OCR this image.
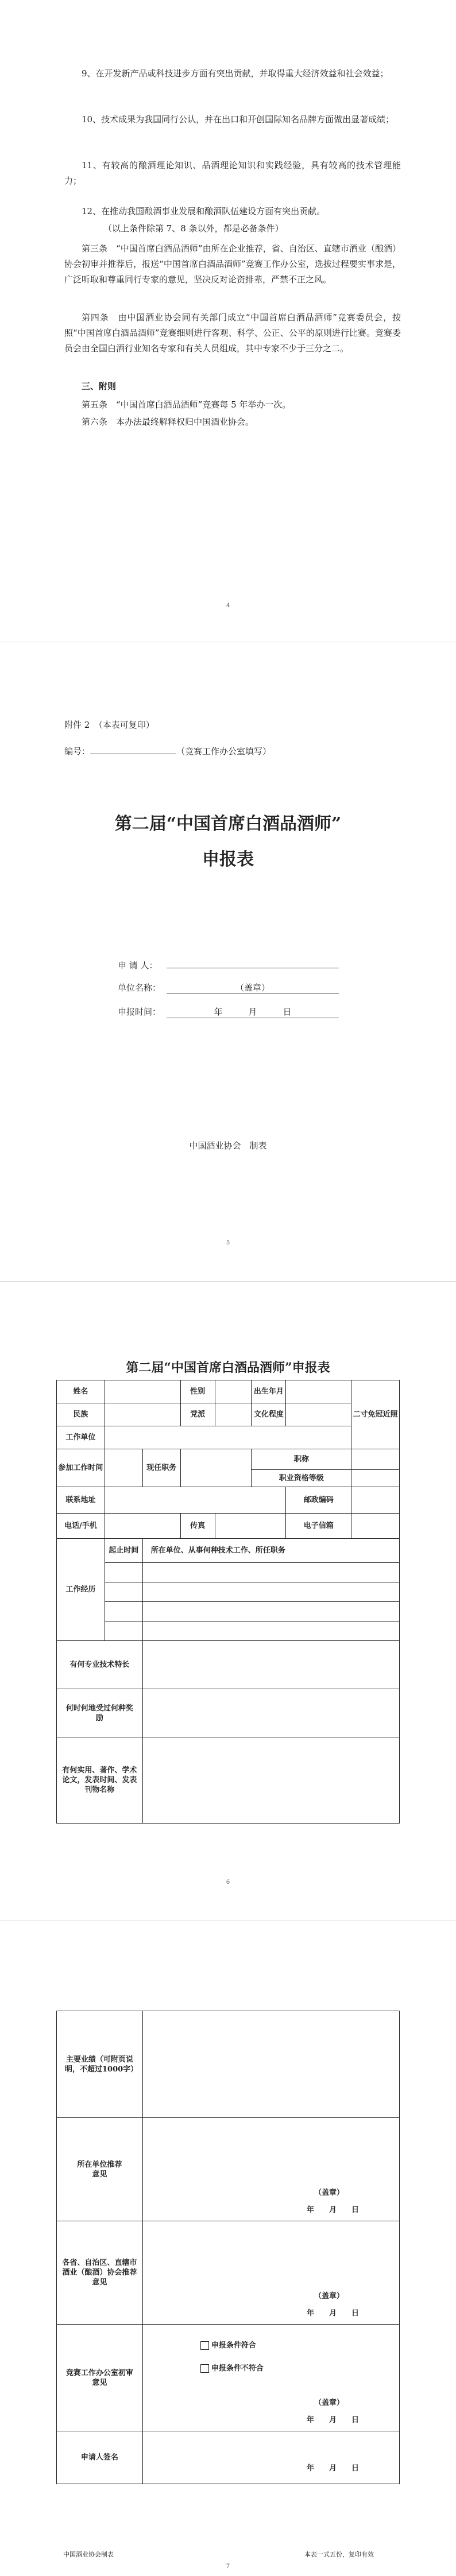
9、在开发新产品或科技进步方面有突出贡献，并取得重大经济效益和社会效益；
10、技术成果为我国同行公认，并在出口和开创国际知名品牌方面做出显著成绩；
11、有较高的酿酒理论知识、品酒理论知识和实践经验，具有较高的技术管理能力；
12、在推动我国酿酒事业发展和酿酒队伍建设方面有突出贡献。
（以上条件除第 7、8 条以外，都是必备条件）
第三条　“中国首席白酒品酒师”由所在企业推荐，省、自治区、直辖市酒业（酿酒）协会初审并推荐后，报送“中国首席白酒品酒师”竞赛工作办公室，选拔过程要实事求是，广泛听取和尊重同行专家的意见，坚决反对论资排辈，严禁不正之风。
第四条　由中国酒业协会同有关部门成立“中国首席白酒品酒师”竞赛委员会，按照“中国首席白酒品酒师”竞赛细则进行客观、科学、公正、公平的原则进行比赛。竞赛委员会由全国白酒行业知名专家和有关人员组成，其中专家不少于三分之二。
三、附则
第五条　“中国首席白酒品酒师”竞赛每 5 年举办一次。
第六条　本办法最终解释权归中国酒业协会。
4
附件 2　（本表可复印）
编号：	（竞赛工作办公室填写）
第二届“中国首席白酒品酒师”
申报表
申 请 人：
单位名称：	（盖章）
申报时间：	年　　　月　　　日
中国酒业协会　制表
5
第二届“中国首席白酒品酒师”申报表
姓名			性别		出生年月		二寸免冠近照
民族			党派		文化程度		
工作单位							
参加工作时间		现任职务			职称		
					职业资格等级		
联系地址						邮政编码	
电话/手机			传真			电子信箱	
工作经历	起止时间	所在单位、从事何种技术工作、所任职务					

有何专业技术特长							
何时何地受过何种奖励							
有何实用、著作、学术论文，发表时间、发表刊物名称							
6
主要业绩（可附页说明，不超过1000字）	
所在单位推荐意见	（盖章）
年　　月　　日

各省、自治区、直辖市酒业（酿酒）协会推荐意见	（盖章）
年　　月　　日

竞赛工作办公室初审意见	申报条件符合
申报条件不符合
（盖章）
年　　月　　日

申请人签名	年　　月　　日
中国酒业协会制表	本表一式五份，复印有效
7
